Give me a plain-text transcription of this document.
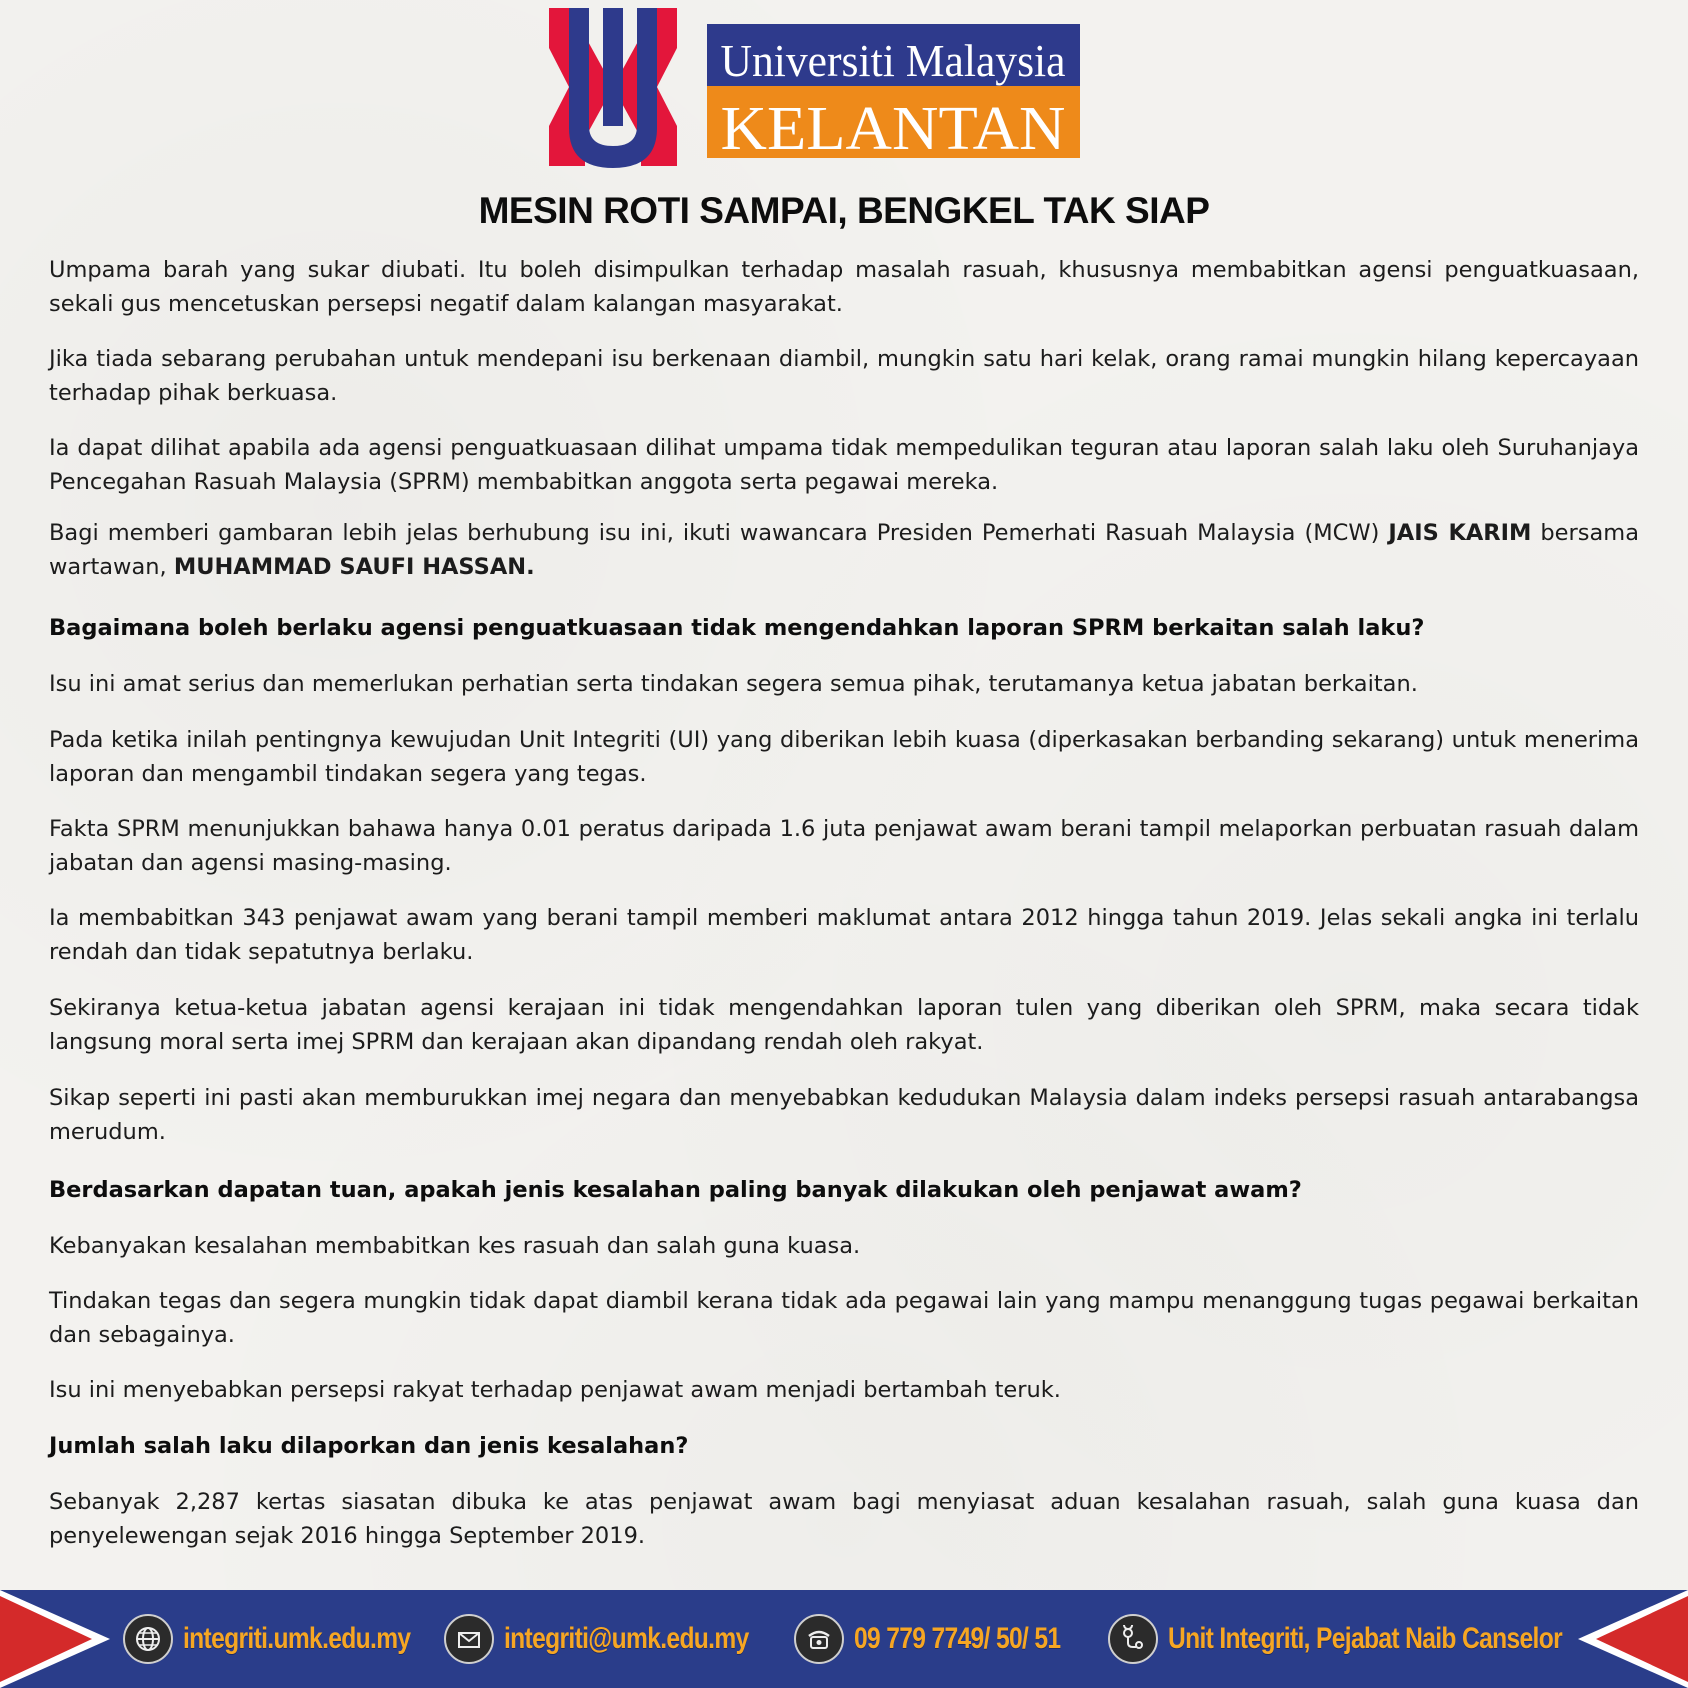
Universiti Malaysia
KELANTAN
MESIN ROTI SAMPAI, BENGKEL TAK SIAP

Umpama barah yang sukar diubati. Itu boleh disimpulkan terhadap masalah rasuah, khususnya membabitkan agensi penguatkuasaan, sekali gus mencetuskan persepsi negatif dalam kalangan masyarakat.

Jika tiada sebarang perubahan untuk mendepani isu berkenaan diambil, mungkin satu hari kelak, orang ramai mungkin hilang kepercayaan terhadap pihak berkuasa.

Ia dapat dilihat apabila ada agensi penguatkuasaan dilihat umpama tidak mempedulikan teguran atau laporan salah laku oleh Suruhanjaya Pencegahan Rasuah Malaysia (SPRM) membabitkan anggota serta pegawai mereka.

Bagi memberi gambaran lebih jelas berhubung isu ini, ikuti wawancara Presiden Pemerhati Rasuah Malaysia (MCW) JAIS KARIM bersama wartawan, MUHAMMAD SAUFI HASSAN.

Bagaimana boleh berlaku agensi penguatkuasaan tidak mengendahkan laporan SPRM berkaitan salah laku?

Isu ini amat serius dan memerlukan perhatian serta tindakan segera semua pihak, terutamanya ketua jabatan berkaitan.

Pada ketika inilah pentingnya kewujudan Unit Integriti (UI) yang diberikan lebih kuasa (diperkasakan berbanding sekarang) untuk menerima laporan dan mengambil tindakan segera yang tegas.

Fakta SPRM menunjukkan bahawa hanya 0.01 peratus daripada 1.6 juta penjawat awam berani tampil melaporkan perbuatan rasuah dalam jabatan dan agensi masing-masing.

Ia membabitkan 343 penjawat awam yang berani tampil memberi maklumat antara 2012 hingga tahun 2019. Jelas sekali angka ini terlalu rendah dan tidak sepatutnya berlaku.

Sekiranya ketua-ketua jabatan agensi kerajaan ini tidak mengendahkan laporan tulen yang diberikan oleh SPRM, maka secara tidak langsung moral serta imej SPRM dan kerajaan akan dipandang rendah oleh rakyat.

Sikap seperti ini pasti akan memburukkan imej negara dan menyebabkan kedudukan Malaysia dalam indeks persepsi rasuah antarabangsa merudum.

Berdasarkan dapatan tuan, apakah jenis kesalahan paling banyak dilakukan oleh penjawat awam?

Kebanyakan kesalahan membabitkan kes rasuah dan salah guna kuasa.

Tindakan tegas dan segera mungkin tidak dapat diambil kerana tidak ada pegawai lain yang mampu menanggung tugas pegawai berkaitan dan sebagainya.

Isu ini menyebabkan persepsi rakyat terhadap penjawat awam menjadi bertambah teruk.

Jumlah salah laku dilaporkan dan jenis kesalahan?

Sebanyak 2,287 kertas siasatan dibuka ke atas penjawat awam bagi menyiasat aduan kesalahan rasuah, salah guna kuasa dan penyelewengan sejak 2016 hingga September 2019.

integriti.umk.edu.my	integriti@umk.edu.my	09 779 7749/ 50/ 51	Unit Integriti, Pejabat Naib Canselor
